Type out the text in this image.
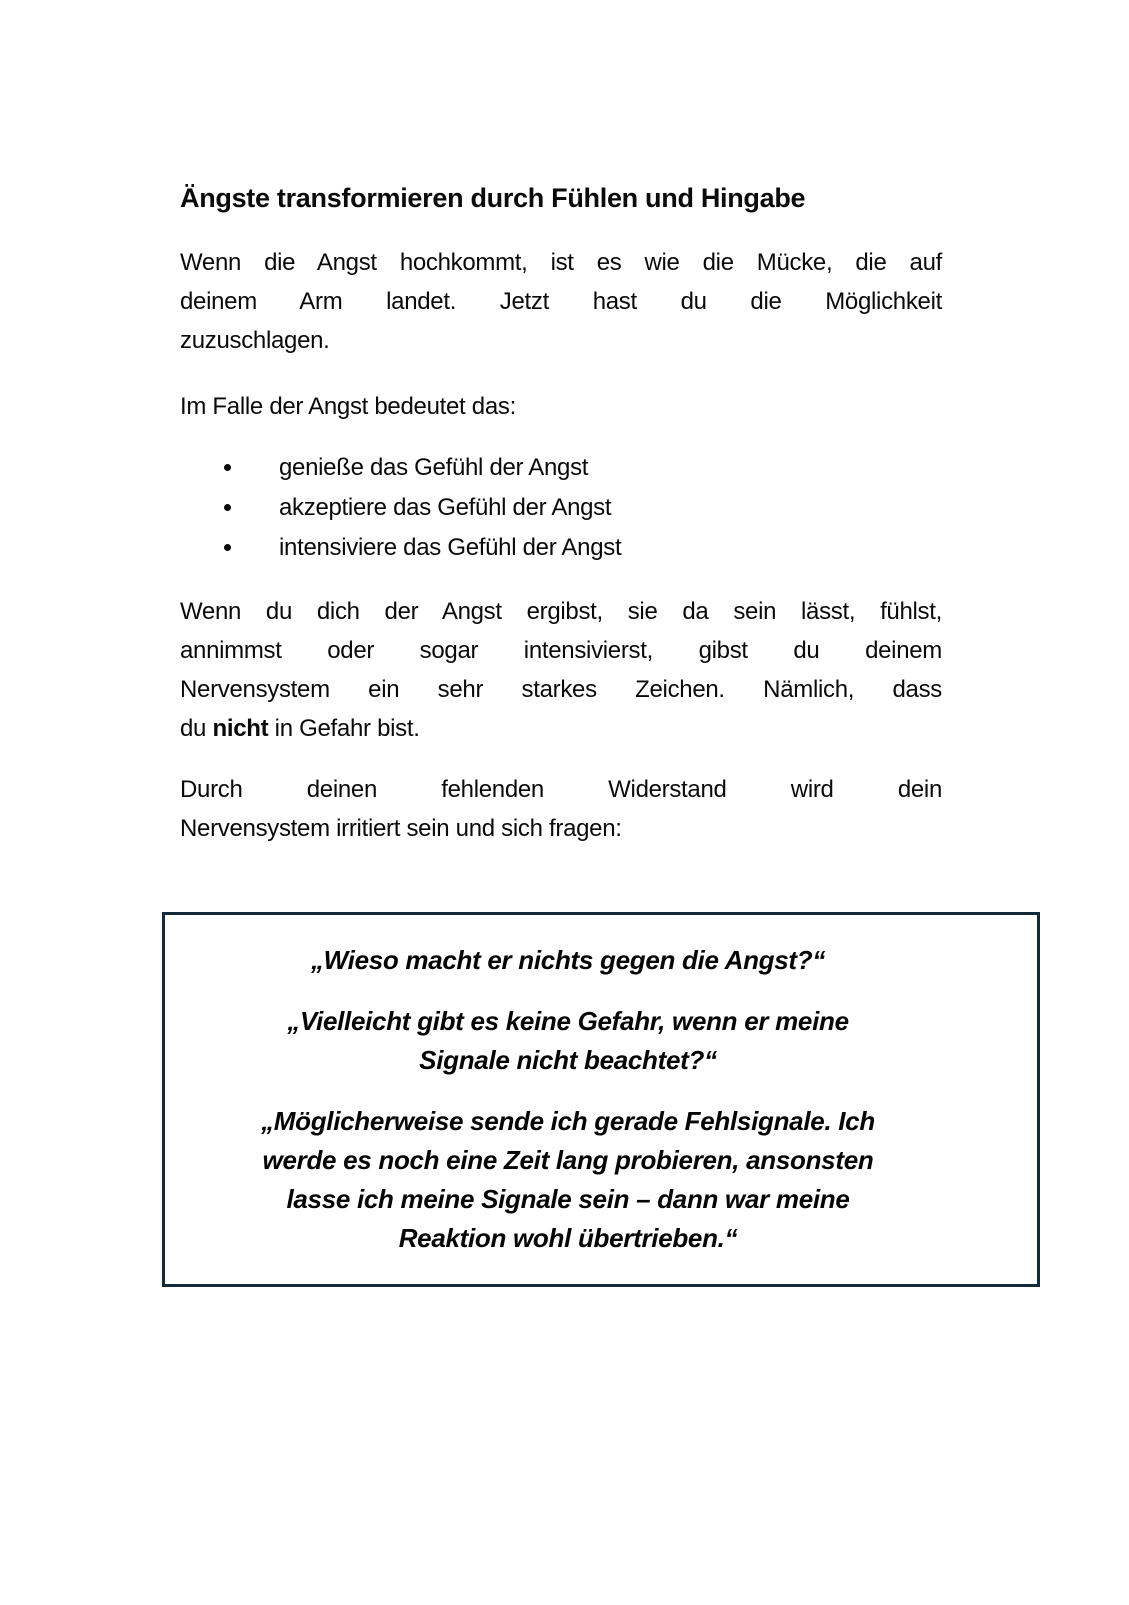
Ängste transformieren durch Fühlen und Hingabe
Wenn die Angst hochkommt, ist es wie die Mücke, die auf
deinem Arm landet. Jetzt hast du die Möglichkeit
zuzuschlagen.
Im Falle der Angst bedeutet das:
• genieße das Gefühl der Angst
• akzeptiere das Gefühl der Angst
• intensiviere das Gefühl der Angst
Wenn du dich der Angst ergibst, sie da sein lässt, fühlst,
annimmst oder sogar intensivierst, gibst du deinem
Nervensystem ein sehr starkes Zeichen. Nämlich, dass
du nicht in Gefahr bist.
Durch deinen fehlenden Widerstand wird dein
Nervensystem irritiert sein und sich fragen:
„Wieso macht er nichts gegen die Angst?“
„Vielleicht gibt es keine Gefahr, wenn er meine
Signale nicht beachtet?“
„Möglicherweise sende ich gerade Fehlsignale. Ich
werde es noch eine Zeit lang probieren, ansonsten
lasse ich meine Signale sein – dann war meine
Reaktion wohl übertrieben.“
